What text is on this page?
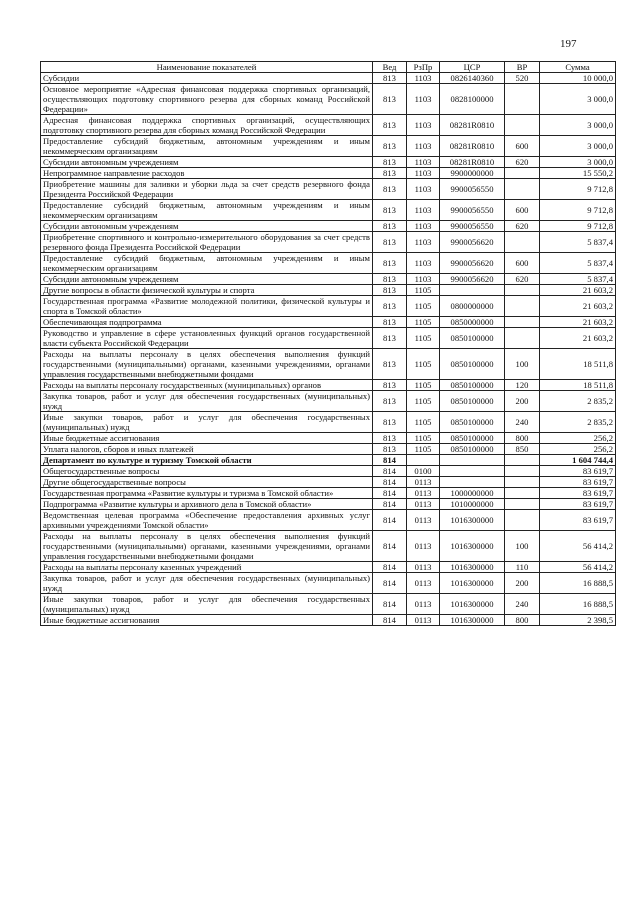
197
Наименование показателей	Вед	РзПр	ЦСР	ВР	Сумма
Субсидии	813	1103	0826140360	520	10 000,0
Основное мероприятие «Адресная финансовая поддержка спортивных организаций, осуществляющих подготовку спортивного резерва для сборных команд Российской Федерации»	813	1103	0828100000		3 000,0
Адресная финансовая поддержка спортивных организаций, осуществляющих подготовку спортивного резерва для сборных команд Российской Федерации	813	1103	08281R0810		3 000,0
Предоставление субсидий бюджетным, автономным учреждениям и иным некоммерческим организациям	813	1103	08281R0810	600	3 000,0
Субсидии автономным учреждениям	813	1103	08281R0810	620	3 000,0
Непрограммное направление расходов	813	1103	9900000000		15 550,2
Приобретение машины для заливки и уборки льда за счет средств резервного фонда Президента Российской Федерации	813	1103	9900056550		9 712,8
Предоставление субсидий бюджетным, автономным учреждениям и иным некоммерческим организациям	813	1103	9900056550	600	9 712,8
Субсидии автономным учреждениям	813	1103	9900056550	620	9 712,8
Приобретение спортивного и контрольно-измерительного оборудования за счет средств резервного фонда Президента Российской Федерации	813	1103	9900056620		5 837,4
Предоставление субсидий бюджетным, автономным учреждениям и иным некоммерческим организациям	813	1103	9900056620	600	5 837,4
Субсидии автономным учреждениям	813	1103	9900056620	620	5 837,4
Другие вопросы в области физической культуры и спорта	813	1105			21 603,2
Государственная программа «Развитие молодежной политики, физической культуры и спорта в Томской области»	813	1105	0800000000		21 603,2
Обеспечивающая подпрограмма	813	1105	0850000000		21 603,2
Руководство и управление в сфере установленных функций органов государственной власти субъекта Российской Федерации	813	1105	0850100000		21 603,2
Расходы на выплаты персоналу в целях обеспечения выполнения функций государственными (муниципальными) органами, казенными учреждениями, органами управления государственными внебюджетными фондами	813	1105	0850100000	100	18 511,8
Расходы на выплаты персоналу государственных (муниципальных) органов	813	1105	0850100000	120	18 511,8
Закупка товаров, работ и услуг для обеспечения государственных (муниципальных) нужд	813	1105	0850100000	200	2 835,2
Иные закупки товаров, работ и услуг для обеспечения государственных (муниципальных) нужд	813	1105	0850100000	240	2 835,2
Иные бюджетные ассигнования	813	1105	0850100000	800	256,2
Уплата налогов, сборов и иных платежей	813	1105	0850100000	850	256,2
Департамент по культуре и туризму Томской области	814				1 604 744,4
Общегосударственные вопросы	814	0100			83 619,7
Другие общегосударственные вопросы	814	0113			83 619,7
Государственная программа «Развитие культуры и туризма в Томской области»	814	0113	1000000000		83 619,7
Подпрограмма «Развитие культуры и архивного дела в Томской области»	814	0113	1010000000		83 619,7
Ведомственная целевая программа «Обеспечение предоставления архивных услуг архивными учреждениями Томской области»	814	0113	1016300000		83 619,7
Расходы на выплаты персоналу в целях обеспечения выполнения функций государственными (муниципальными) органами, казенными учреждениями, органами управления государственными внебюджетными фондами	814	0113	1016300000	100	56 414,2
Расходы на выплаты персоналу казенных учреждений	814	0113	1016300000	110	56 414,2
Закупка товаров, работ и услуг для обеспечения государственных (муниципальных) нужд	814	0113	1016300000	200	16 888,5
Иные закупки товаров, работ и услуг для обеспечения государственных (муниципальных) нужд	814	0113	1016300000	240	16 888,5
Иные бюджетные ассигнования	814	0113	1016300000	800	2 398,5
